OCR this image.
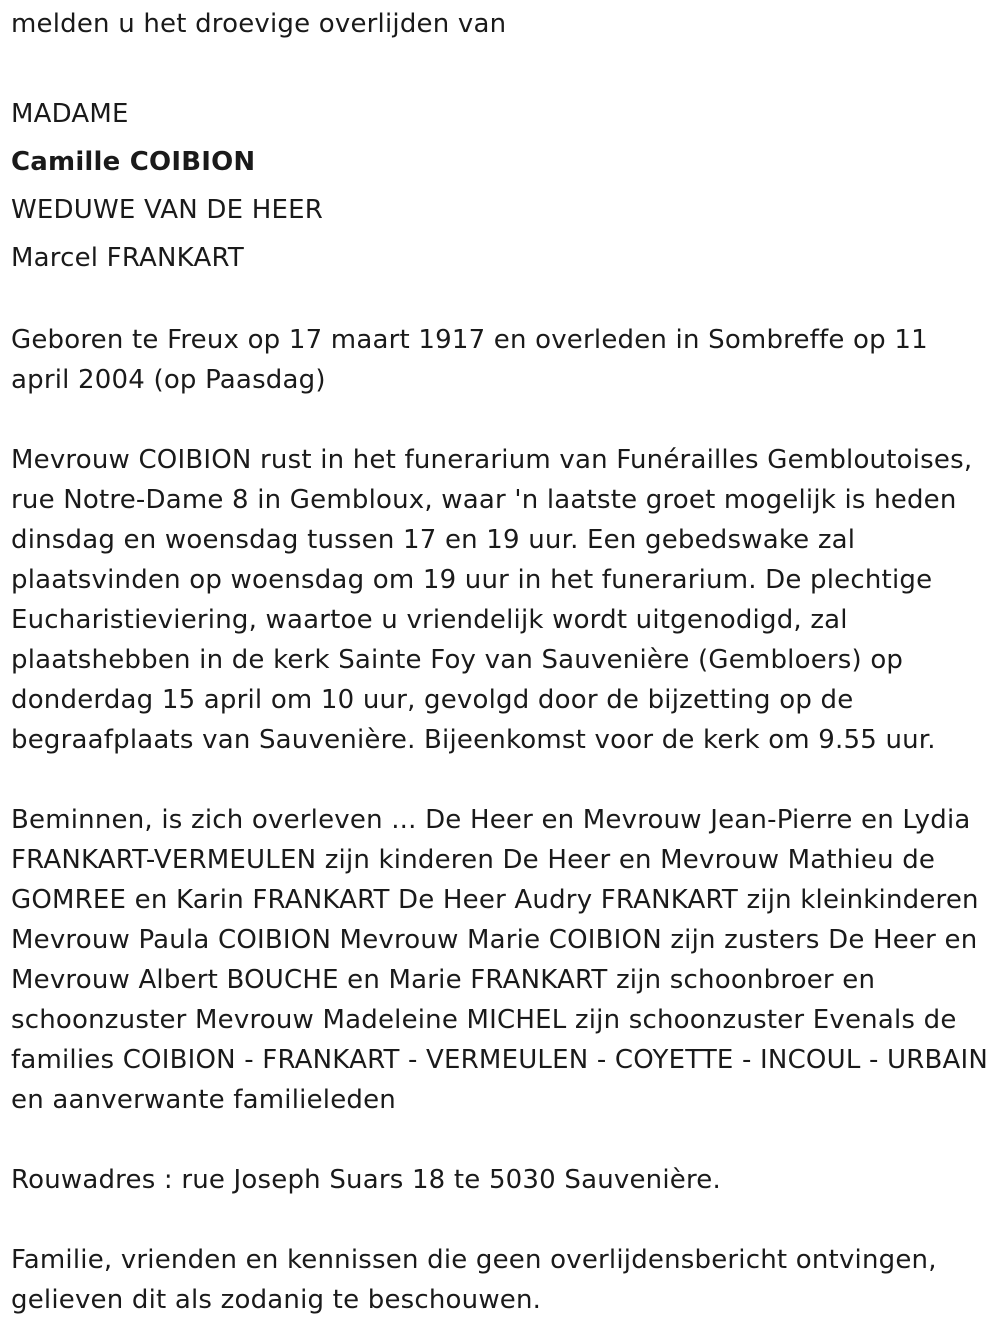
melden u het droevige overlijden van

MADAME
Camille COIBION
WEDUWE VAN DE HEER
Marcel FRANKART

Geboren te Freux op 17 maart 1917 en overleden in Sombreffe op 11 april 2004 (op Paasdag)

Mevrouw COIBION rust in het funerarium van Funérailles Gembloutoises, rue Notre-Dame 8 in Gembloux, waar 'n laatste groet mogelijk is heden dinsdag en woensdag tussen 17 en 19 uur. Een gebedswake zal plaatsvinden op woensdag om 19 uur in het funerarium. De plechtige Eucharistieviering, waartoe u vriendelijk wordt uitgenodigd, zal plaatshebben in de kerk Sainte Foy van Sauvenière (Gembloers) op donderdag 15 april om 10 uur, gevolgd door de bijzetting op de begraafplaats van Sauvenière. Bijeenkomst voor de kerk om 9.55 uur.

Beminnen, is zich overleven ... De Heer en Mevrouw Jean-Pierre en Lydia FRANKART-VERMEULEN zijn kinderen De Heer en Mevrouw Mathieu de GOMREE en Karin FRANKART De Heer Audry FRANKART zijn kleinkinderen Mevrouw Paula COIBION Mevrouw Marie COIBION zijn zusters De Heer en Mevrouw Albert BOUCHE en Marie FRANKART zijn schoonbroer en schoonzuster Mevrouw Madeleine MICHEL zijn schoonzuster Evenals de families COIBION - FRANKART - VERMEULEN - COYETTE - INCOUL - URBAIN en aanverwante familieleden

Rouwadres : rue Joseph Suars 18 te 5030 Sauvenière.

Familie, vrienden en kennissen die geen overlijdensbericht ontvingen, gelieven dit als zodanig te beschouwen.
